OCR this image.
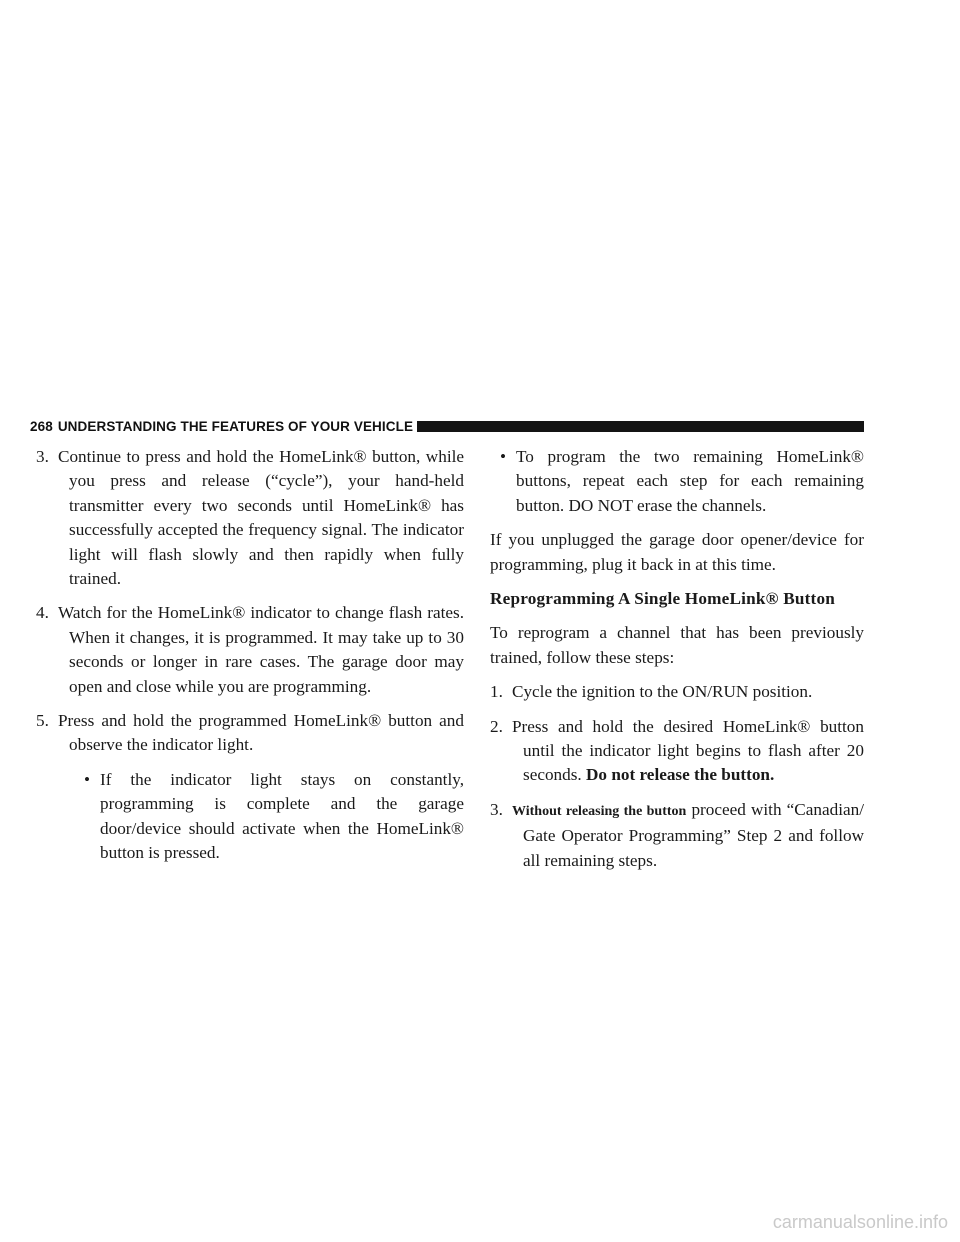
268 UNDERSTANDING THE FEATURES OF YOUR VEHICLE

3. Continue to press and hold the HomeLink® button, while you press and release (“cycle”), your hand-held transmitter every two seconds until HomeLink® has successfully accepted the frequency signal. The indicator light will flash slowly and then rapidly when fully trained.

4. Watch for the HomeLink® indicator to change flash rates. When it changes, it is programmed. It may take up to 30 seconds or longer in rare cases. The garage door may open and close while you are programming.

5. Press and hold the programmed HomeLink® button and observe the indicator light.

• If the indicator light stays on constantly, programming is complete and the garage door/device should activate when the HomeLink® button is pressed.

• To program the two remaining HomeLink® buttons, repeat each step for each remaining button. DO NOT erase the channels.

If you unplugged the garage door opener/device for programming, plug it back in at this time.

Reprogramming A Single HomeLink® Button

To reprogram a channel that has been previously trained, follow these steps:

1. Cycle the ignition to the ON/RUN position.

2. Press and hold the desired HomeLink® button until the indicator light begins to flash after 20 seconds. Do not release the button.

3. Without releasing the button proceed with “Canadian/ Gate Operator Programming” Step 2 and follow all remaining steps.

carmanualsonline.info
